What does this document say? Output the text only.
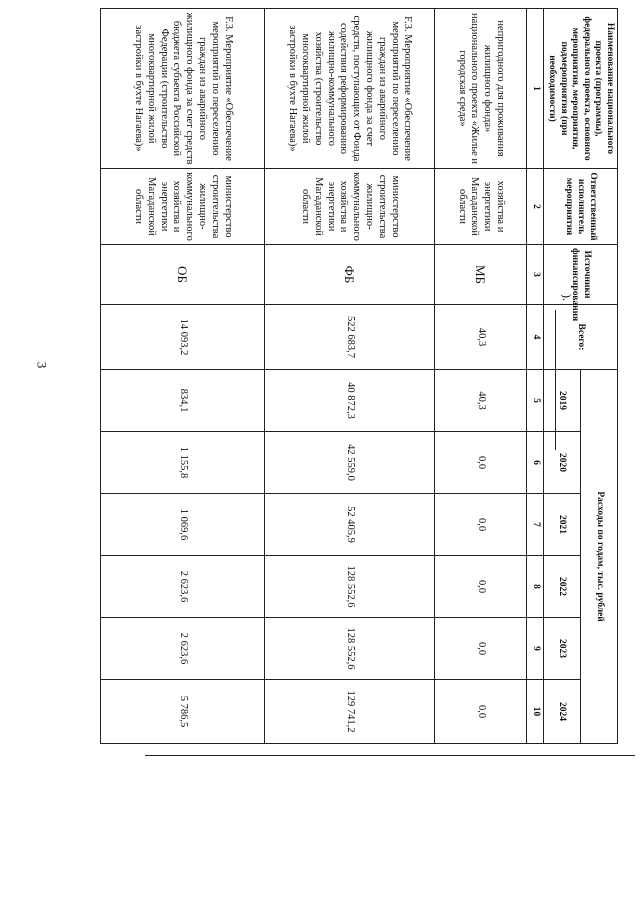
3
Наименование национального проекта (программы), федерального проекта, основного мероприятия, мероприятия, подмероприятия (при необходимости)	Ответственный исполнитель мероприятия	Источники финансирования	Всего:	Расходы по годам, тыс. рублей					
				2019	2020	2021	2022	2023	2024
1	2	3	4	5	6	7	8	9	10
непригодного для проживания жилищного фонда» национального проекта «Жилье и городская среда»	хозяйства и энергетики Магаданской области	МБ	40,3	40,3	0,0	0,0	0,0	0,0	0,0
F.3. Мероприятие «Обеспечение мероприятий по переселению граждан из аварийного жилищного фонда за счет средств, поступающих от Фонда содействия реформированию жилищно-коммунального хозяйства (строительство многоквартирной жилой застройки в бухте Нагаева)»	министерство строительства жилищно-коммунального хозяйства и энергетики Магаданской области	ФБ	522 683,7	40 872,3	42 559,0	52 405,9	128 552,6	128 552,6	129 741,2
F.3. Мероприятие «Обеспечение мероприятий по переселению граждан из аварийного жилищного фонда за счет средств бюджета субъекта Российской Федерации (строительство многоквартирной жилой застройки в бухте Нагаева)»	министерство строительства жилищно-коммунального хозяйства и энергетики Магаданской области	ОБ	14 093,2	834,1	1 155,8	1 069,6	2 623,6	2 623,6	5 786,5
).
